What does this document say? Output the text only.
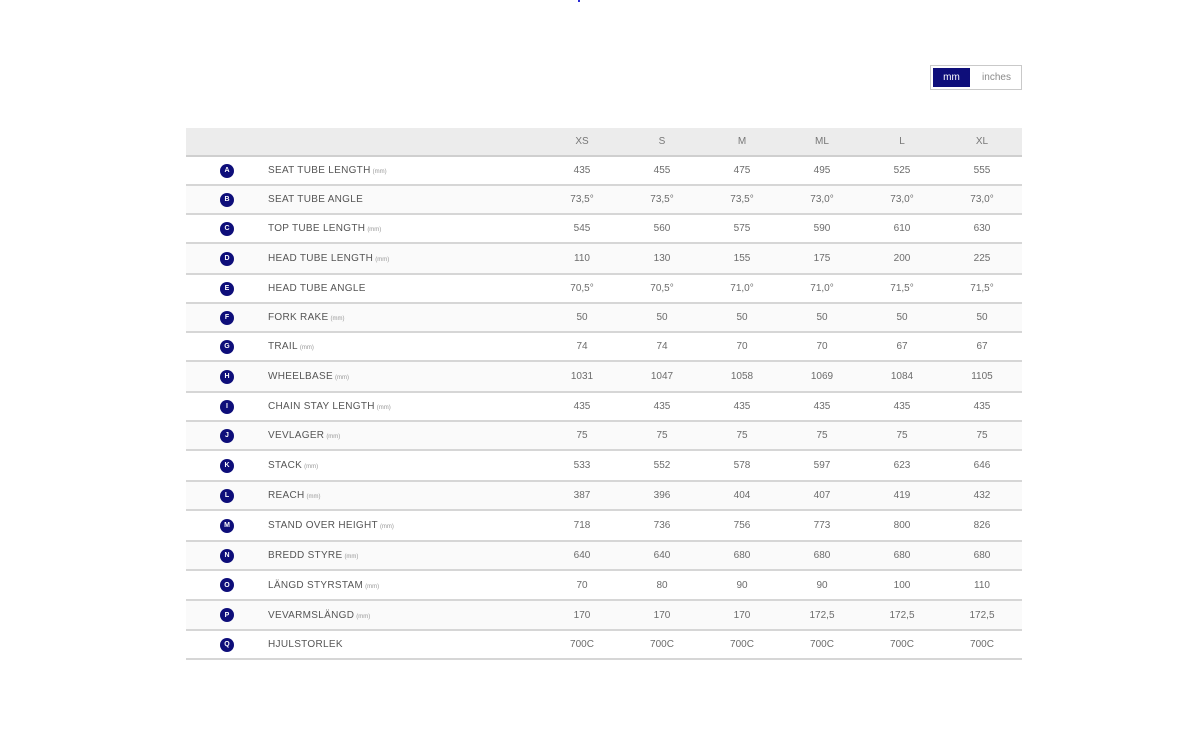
mm	inches
		XS	S	M	ML	L	XL
A	SEAT TUBE LENGTH (mm)	435	455	475	495	525	555
B	SEAT TUBE ANGLE	73,5°	73,5°	73,5°	73,0°	73,0°	73,0°
C	TOP TUBE LENGTH (mm)	545	560	575	590	610	630
D	HEAD TUBE LENGTH (mm)	110	130	155	175	200	225
E	HEAD TUBE ANGLE	70,5°	70,5°	71,0°	71,0°	71,5°	71,5°
F	FORK RAKE (mm)	50	50	50	50	50	50
G	TRAIL (mm)	74	74	70	70	67	67
H	WHEELBASE (mm)	1031	1047	1058	1069	1084	1105
I	CHAIN STAY LENGTH (mm)	435	435	435	435	435	435
J	VEVLAGER (mm)	75	75	75	75	75	75
K	STACK (mm)	533	552	578	597	623	646
L	REACH (mm)	387	396	404	407	419	432
M	STAND OVER HEIGHT (mm)	718	736	756	773	800	826
N	BREDD STYRE (mm)	640	640	680	680	680	680
O	LÄNGD STYRSTAM (mm)	70	80	90	90	100	110
P	VEVARMSLÄNGD (mm)	170	170	170	172,5	172,5	172,5
Q	HJULSTORLEK	700C	700C	700C	700C	700C	700C
